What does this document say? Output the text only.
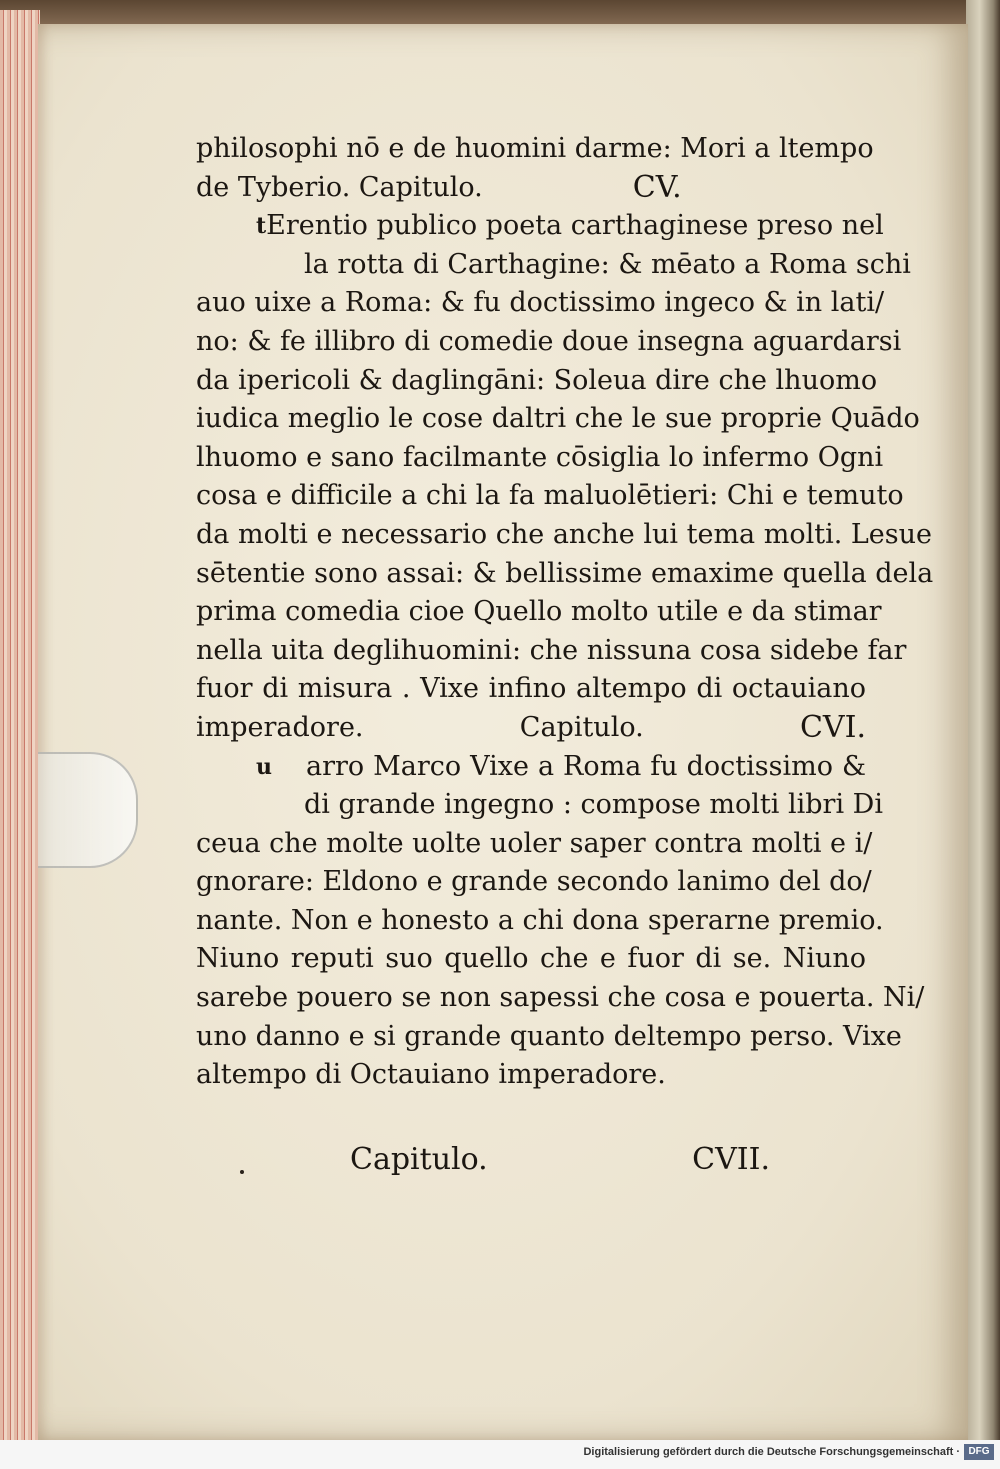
philosophi nō e de huomini darme: Mori a ltempo
de Tyberio. Capitulo.	CV.
t Erentio publico poeta carthaginese preso nel
la rotta di Carthagine: & mēato a Roma schi
auo uixe a Roma: & fu doctissimo ingeco & in lati/
no: & fe illibro di comedie doue insegna aguardarsi
da ipericoli & daglingāni: Soleua dire che lhuomo
iudica meglio le cose daltri che le sue proprie Quādo
lhuomo e sano facilmante cōsiglia lo infermo Ogni
cosa e difficile a chi la fa maluolētieri: Chi e temuto
da molti e necessario che anche lui tema molti. Lesue
sētentie sono assai: & bellissime emaxime quella dela
prima comedia cioe Quello molto utile e da stimar
nella uita deglihuomini: che nissuna cosa sidebe far
fuor di misura . Vixe infino altempo di octauiano
imperadore.	Capitulo.	CVI.
u	arro Marco Vixe a Roma fu doctissimo &
di grande ingegno : compose molti libri Di
ceua che molte uolte uoler saper contra molti e i/
gnorare: Eldono e grande secondo lanimo del do/
nante. Non e honesto a chi dona sperarne premio.
Niuno reputi suo quello che e fuor di se. Niuno
sarebe pouero se non sapessi che cosa e pouerta. Ni/
uno danno e si grande quanto deltempo perso. Vixe
altempo di Octauiano imperadore.
Capitulo.	CVII.
Digitalisierung gefördert durch die Deutsche Forschungsgemeinschaft · DFG
